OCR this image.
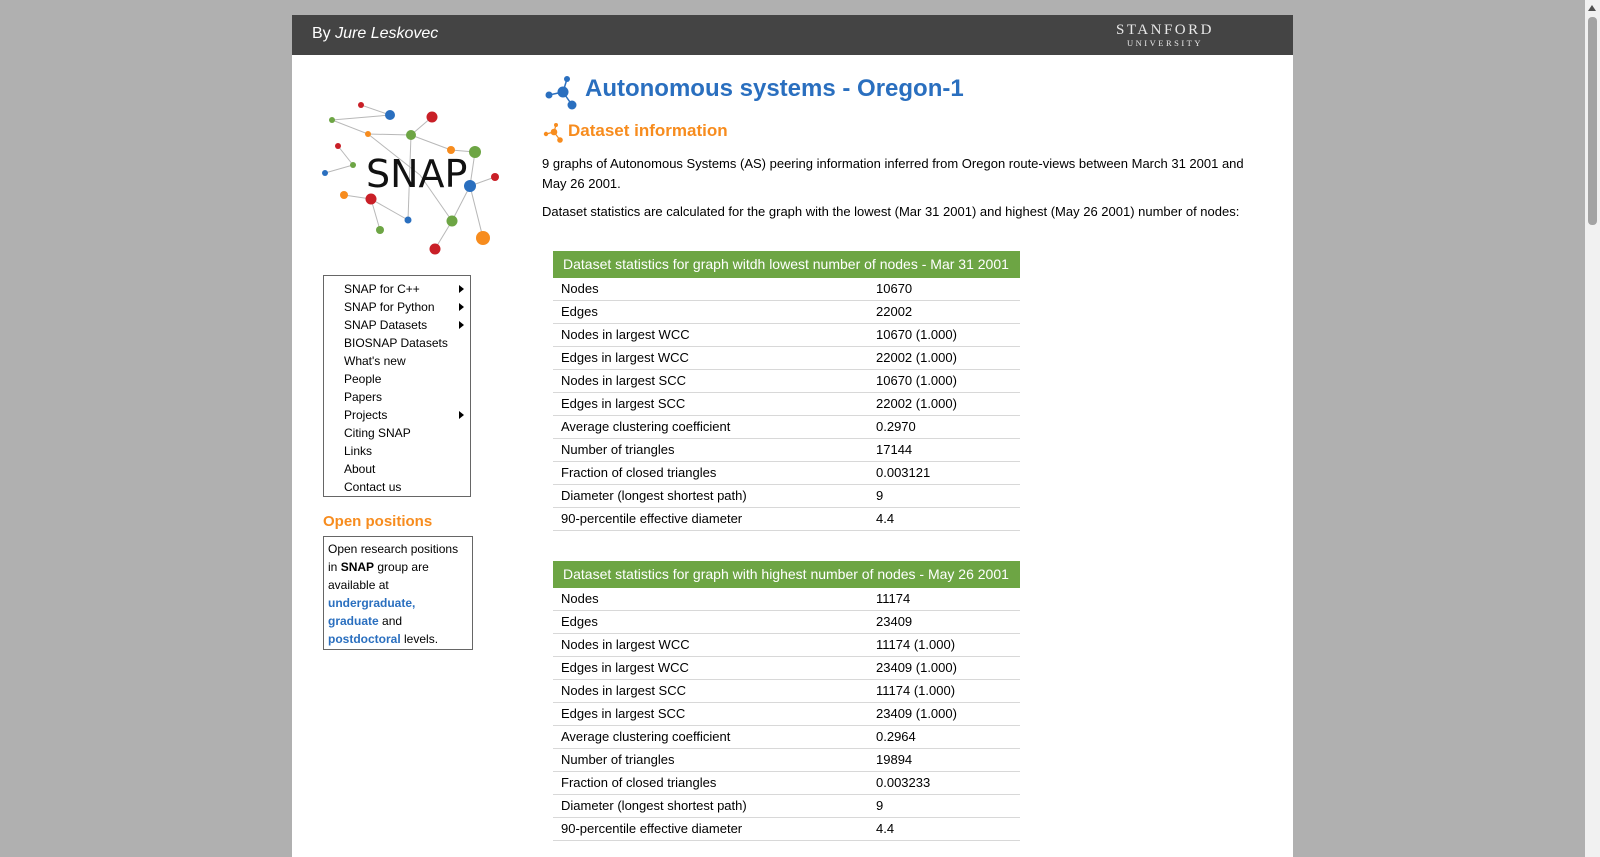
By Jure Leskovec	STANFORD
UNIVERSITY
SNAP
SNAP for C++
SNAP for Python
SNAP Datasets
BIOSNAP Datasets
What's new
People
Papers
Projects
Citing SNAP
Links
About
Contact us
Open positions
Open research positions in SNAP group are available at undergraduate, graduate and postdoctoral levels.
Autonomous systems - Oregon-1
Dataset information
9 graphs of Autonomous Systems (AS) peering information inferred from Oregon route-views between March 31 2001 and May 26 2001.
Dataset statistics are calculated for the graph with the lowest (Mar 31 2001) and highest (May 26 2001) number of nodes:
Dataset statistics for graph witdh lowest number of nodes - Mar 31 2001
Nodes	10670
Edges	22002
Nodes in largest WCC	10670 (1.000)
Edges in largest WCC	22002 (1.000)
Nodes in largest SCC	10670 (1.000)
Edges in largest SCC	22002 (1.000)
Average clustering coefficient	0.2970
Number of triangles	17144
Fraction of closed triangles	0.003121
Diameter (longest shortest path)	9
90-percentile effective diameter	4.4
Dataset statistics for graph with highest number of nodes - May 26 2001
Nodes	11174
Edges	23409
Nodes in largest WCC	11174 (1.000)
Edges in largest WCC	23409 (1.000)
Nodes in largest SCC	11174 (1.000)
Edges in largest SCC	23409 (1.000)
Average clustering coefficient	0.2964
Number of triangles	19894
Fraction of closed triangles	0.003233
Diameter (longest shortest path)	9
90-percentile effective diameter	4.4
